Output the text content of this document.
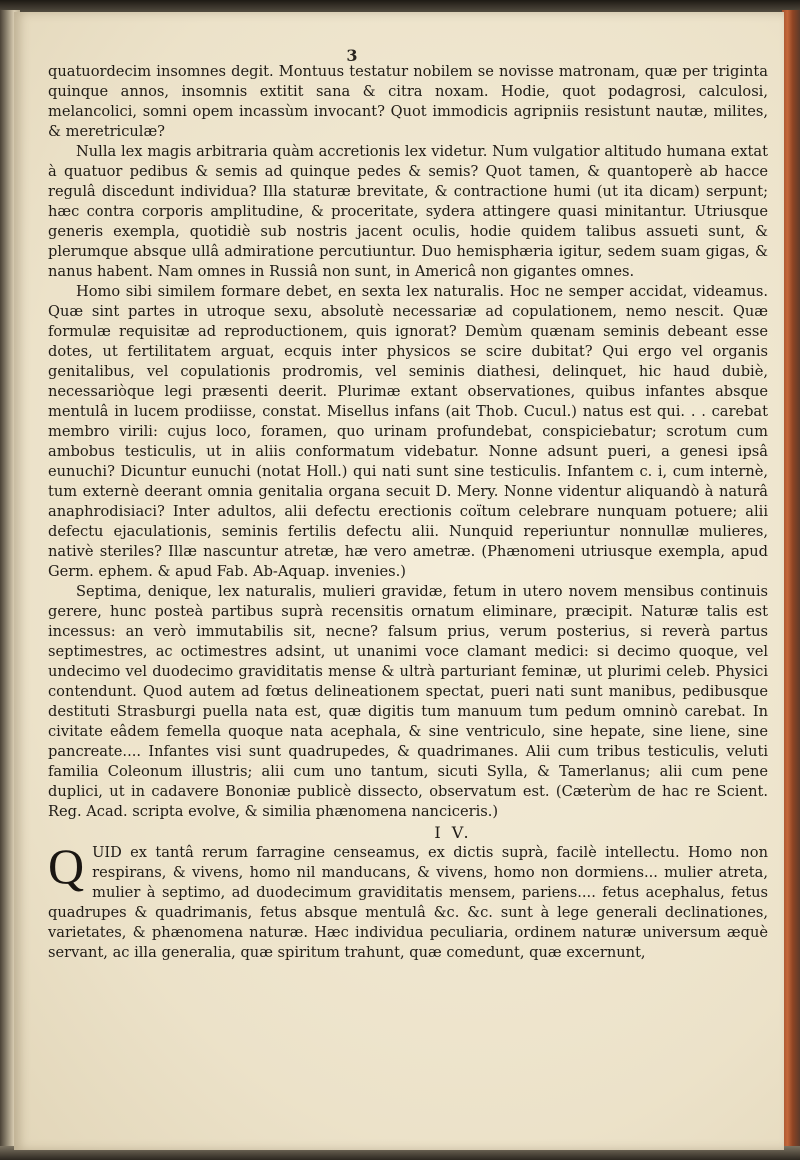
3

quatuordecim insomnes degit. Montuus testatur nobilem se novisse matronam, quæ per triginta quinque annos, insomnis extitit sana & citra noxam. Hodie, quot podagrosi, calculosi, melancolici, somni opem incassùm invocant? Quot immodicis agripniis resistunt nautæ, milites, & meretriculæ?

Nulla lex magis arbitraria quàm accretionis lex videtur. Num vulgatior altitudo humana extat à quatuor pedibus & semis ad quinque pedes & semis? Quot tamen, & quantoperè ab hacce regulâ discedunt individua? Illa staturæ brevitate, & contractione humi (ut ita dicam) serpunt; hæc contra corporis amplitudine, & proceritate, sydera attingere quasi minitantur. Utriusque generis exempla, quotidiè sub nostris jacent oculis, hodie quidem talibus assueti sunt, & plerumque absque ullâ admiratione percutiuntur. Duo hemisphæria igitur, sedem suam gigas, & nanus habent. Nam omnes in Russiâ non sunt, in Americâ non gigantes omnes.

Homo sibi similem formare debet, en sexta lex naturalis. Hoc ne semper accidat, videamus. Quæ sint partes in utroque sexu, absolutè necessariæ ad copulationem, nemo nescit. Quæ formulæ requisitæ ad reproductionem, quis ignorat? Demùm quænam seminis debeant esse dotes, ut fertilitatem arguat, ecquis inter physicos se scire dubitat? Qui ergo vel organis genitalibus, vel copulationis prodromis, vel seminis diathesi, delinquet, hic haud dubiè, necessariòque legi præsenti deerit. Plurimæ extant observationes, quibus infantes absque mentulâ in lucem prodiisse, constat. Misellus infans (ait Thob. Cucul.) natus est qui. . . carebat membro virili: cujus loco, foramen, quo urinam profundebat, conspiciebatur; scrotum cum ambobus testiculis, ut in aliis conformatum videbatur. Nonne adsunt pueri, a genesi ipsâ eunuchi? Dicuntur eunuchi (notat Holl.) qui nati sunt sine testiculis. Infantem c. i, cum internè, tum externè deerant omnia genitalia organa secuit D. Mery. Nonne videntur aliquandò à naturâ anaphrodisiaci? Inter adultos, alii defectu erectionis coïtum celebrare nunquam potuere; alii defectu ejaculationis, seminis fertilis defectu alii. Nunquid reperiuntur nonnullæ mulieres, nativè steriles? Illæ nascuntur atretæ, hæ vero ametræ. (Phænomeni utriusque exempla, apud Germ. ephem. & apud Fab. Ab-Aquap. invenies.)

Septima, denique, lex naturalis, mulieri gravidæ, fetum in utero novem mensibus continuis gerere, hunc posteà partibus suprà recensitis ornatum eliminare, præcipit. Naturæ talis est incessus: an verò immutabilis sit, necne? falsum prius, verum posterius, si reverà partus septimestres, ac octimestres adsint, ut unanimi voce clamant medici: si decimo quoque, vel undecimo vel duodecimo graviditatis mense & ultrà parturiant feminæ, ut plurimi celeb. Physici contendunt. Quod autem ad fœtus delineationem spectat, pueri nati sunt manibus, pedibusque destituti Strasburgi puella nata est, quæ digitis tum manuum tum pedum omninò carebat. In civitate eâdem femella quoque nata acephala, & sine ventriculo, sine hepate, sine liene, sine pancreate.... Infantes visi sunt quadrupedes, & quadrimanes. Alii cum tribus testiculis, veluti familia Coleonum illustris; alii cum uno tantum, sicuti Sylla, & Tamerlanus; alii cum pene duplici, ut in cadavere Bononiæ publicè dissecto, observatum est. (Cæterùm de hac re Scient. Reg. Acad. scripta evolve, & similia phænomena nanciceris.)

I V.

Q UID ex tantâ rerum farragine censeamus, ex dictis suprà, facilè intellectu. Homo non respirans, & vivens, homo nil manducans, & vivens, homo non dormiens... mulier atreta, mulier à septimo, ad duodecimum graviditatis mensem, pariens.... fetus acephalus, fetus quadrupes & quadrimanis, fetus absque mentulâ &c. &c. sunt à lege generali declinationes, varietates, & phænomena naturæ. Hæc individua peculiaria, ordinem naturæ universum æquè servant, ac illa generalia, quæ spiritum trahunt, quæ comedunt, quæ excernunt,
